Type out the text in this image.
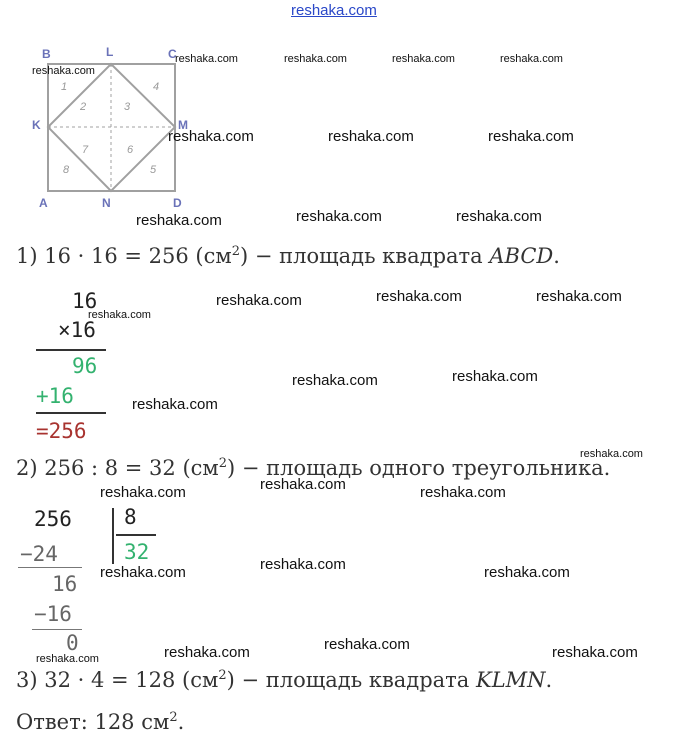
reshaka.com
B	L	C
K	M
A	N	D
1
2	3
4
5
6
7
8
reshaka.com
reshaka.com	reshaka.com	reshaka.com	reshaka.com
reshaka.com	reshaka.com	reshaka.com
reshaka.com	reshaka.com	reshaka.com
reshaka.com	reshaka.com	reshaka.com
reshaka.com
reshaka.com	reshaka.com
reshaka.com
reshaka.com
reshaka.com	reshaka.com	reshaka.com
reshaka.com	reshaka.com	reshaka.com
reshaka.com	reshaka.com	reshaka.com
reshaka.com
1) 16 · 16 = 256 $(см^2)$ − площадь квадрата ABCD.
16
×16
96
+16
=256
2) 256 : 8 = 32 $(см^2)$ − площадь одного треугольника.
256 8
32
−24
16
−16
0
3) 32 · 4 = 128 $(см^2)$ − площадь квадрата KLMN.
Ответ: 128 $см^2$.
